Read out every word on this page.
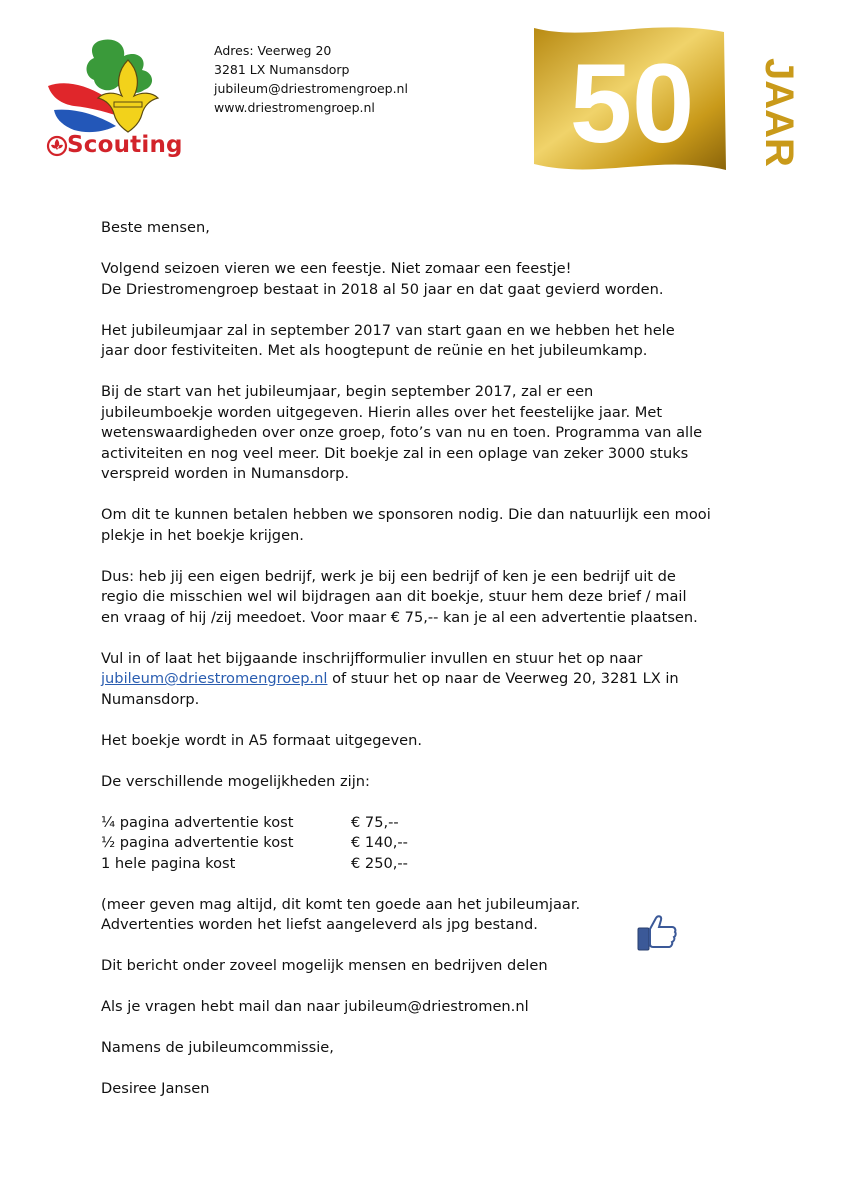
Scouting
Adres: Veerweg 20
3281 LX Numansdorp
jubileum@driestromengroep.nl
www.driestromengroep.nl 50 JAAR

Beste mensen,

Volgend seizoen vieren we een feestje. Niet zomaar een feestje!
De Driestromengroep bestaat in 2018 al 50 jaar en dat gaat gevierd worden.

Het jubileumjaar zal in september 2017 van start gaan en we hebben het hele
jaar door festiviteiten. Met als hoogtepunt de reünie en het jubileumkamp.

Bij de start van het jubileumjaar, begin september 2017, zal er een
jubileumboekje worden uitgegeven. Hierin alles over het feestelijke jaar. Met
wetenswaardigheden over onze groep, foto’s van nu en toen. Programma van alle
activiteiten en nog veel meer. Dit boekje zal in een oplage van zeker 3000 stuks
verspreid worden in Numansdorp.

Om dit te kunnen betalen hebben we sponsoren nodig. Die dan natuurlijk een mooi
plekje in het boekje krijgen.

Dus: heb jij een eigen bedrijf, werk je bij een bedrijf of ken je een bedrijf uit de
regio die misschien wel wil bijdragen aan dit boekje, stuur hem deze brief / mail
en vraag of hij /zij meedoet. Voor maar € 75,-- kan je al een advertentie plaatsen.

Vul in of laat het bijgaande inschrijfformulier invullen en stuur het op naar
jubileum@driestromengroep.nl of stuur het op naar de Veerweg 20, 3281 LX in
Numansdorp.

Het boekje wordt in A5 formaat uitgegeven.

De verschillende mogelijkheden zijn:

¼ pagina advertentie kost	€ 75,--
½ pagina advertentie kost	€ 140,--
1 hele pagina kost	€ 250,--

(meer geven mag altijd, dit komt ten goede aan het jubileumjaar.
Advertenties worden het liefst aangeleverd als jpg bestand.

Dit bericht onder zoveel mogelijk mensen en bedrijven delen

Als je vragen hebt mail dan naar jubileum@driestromen.nl

Namens de jubileumcommissie,

Desiree Jansen
